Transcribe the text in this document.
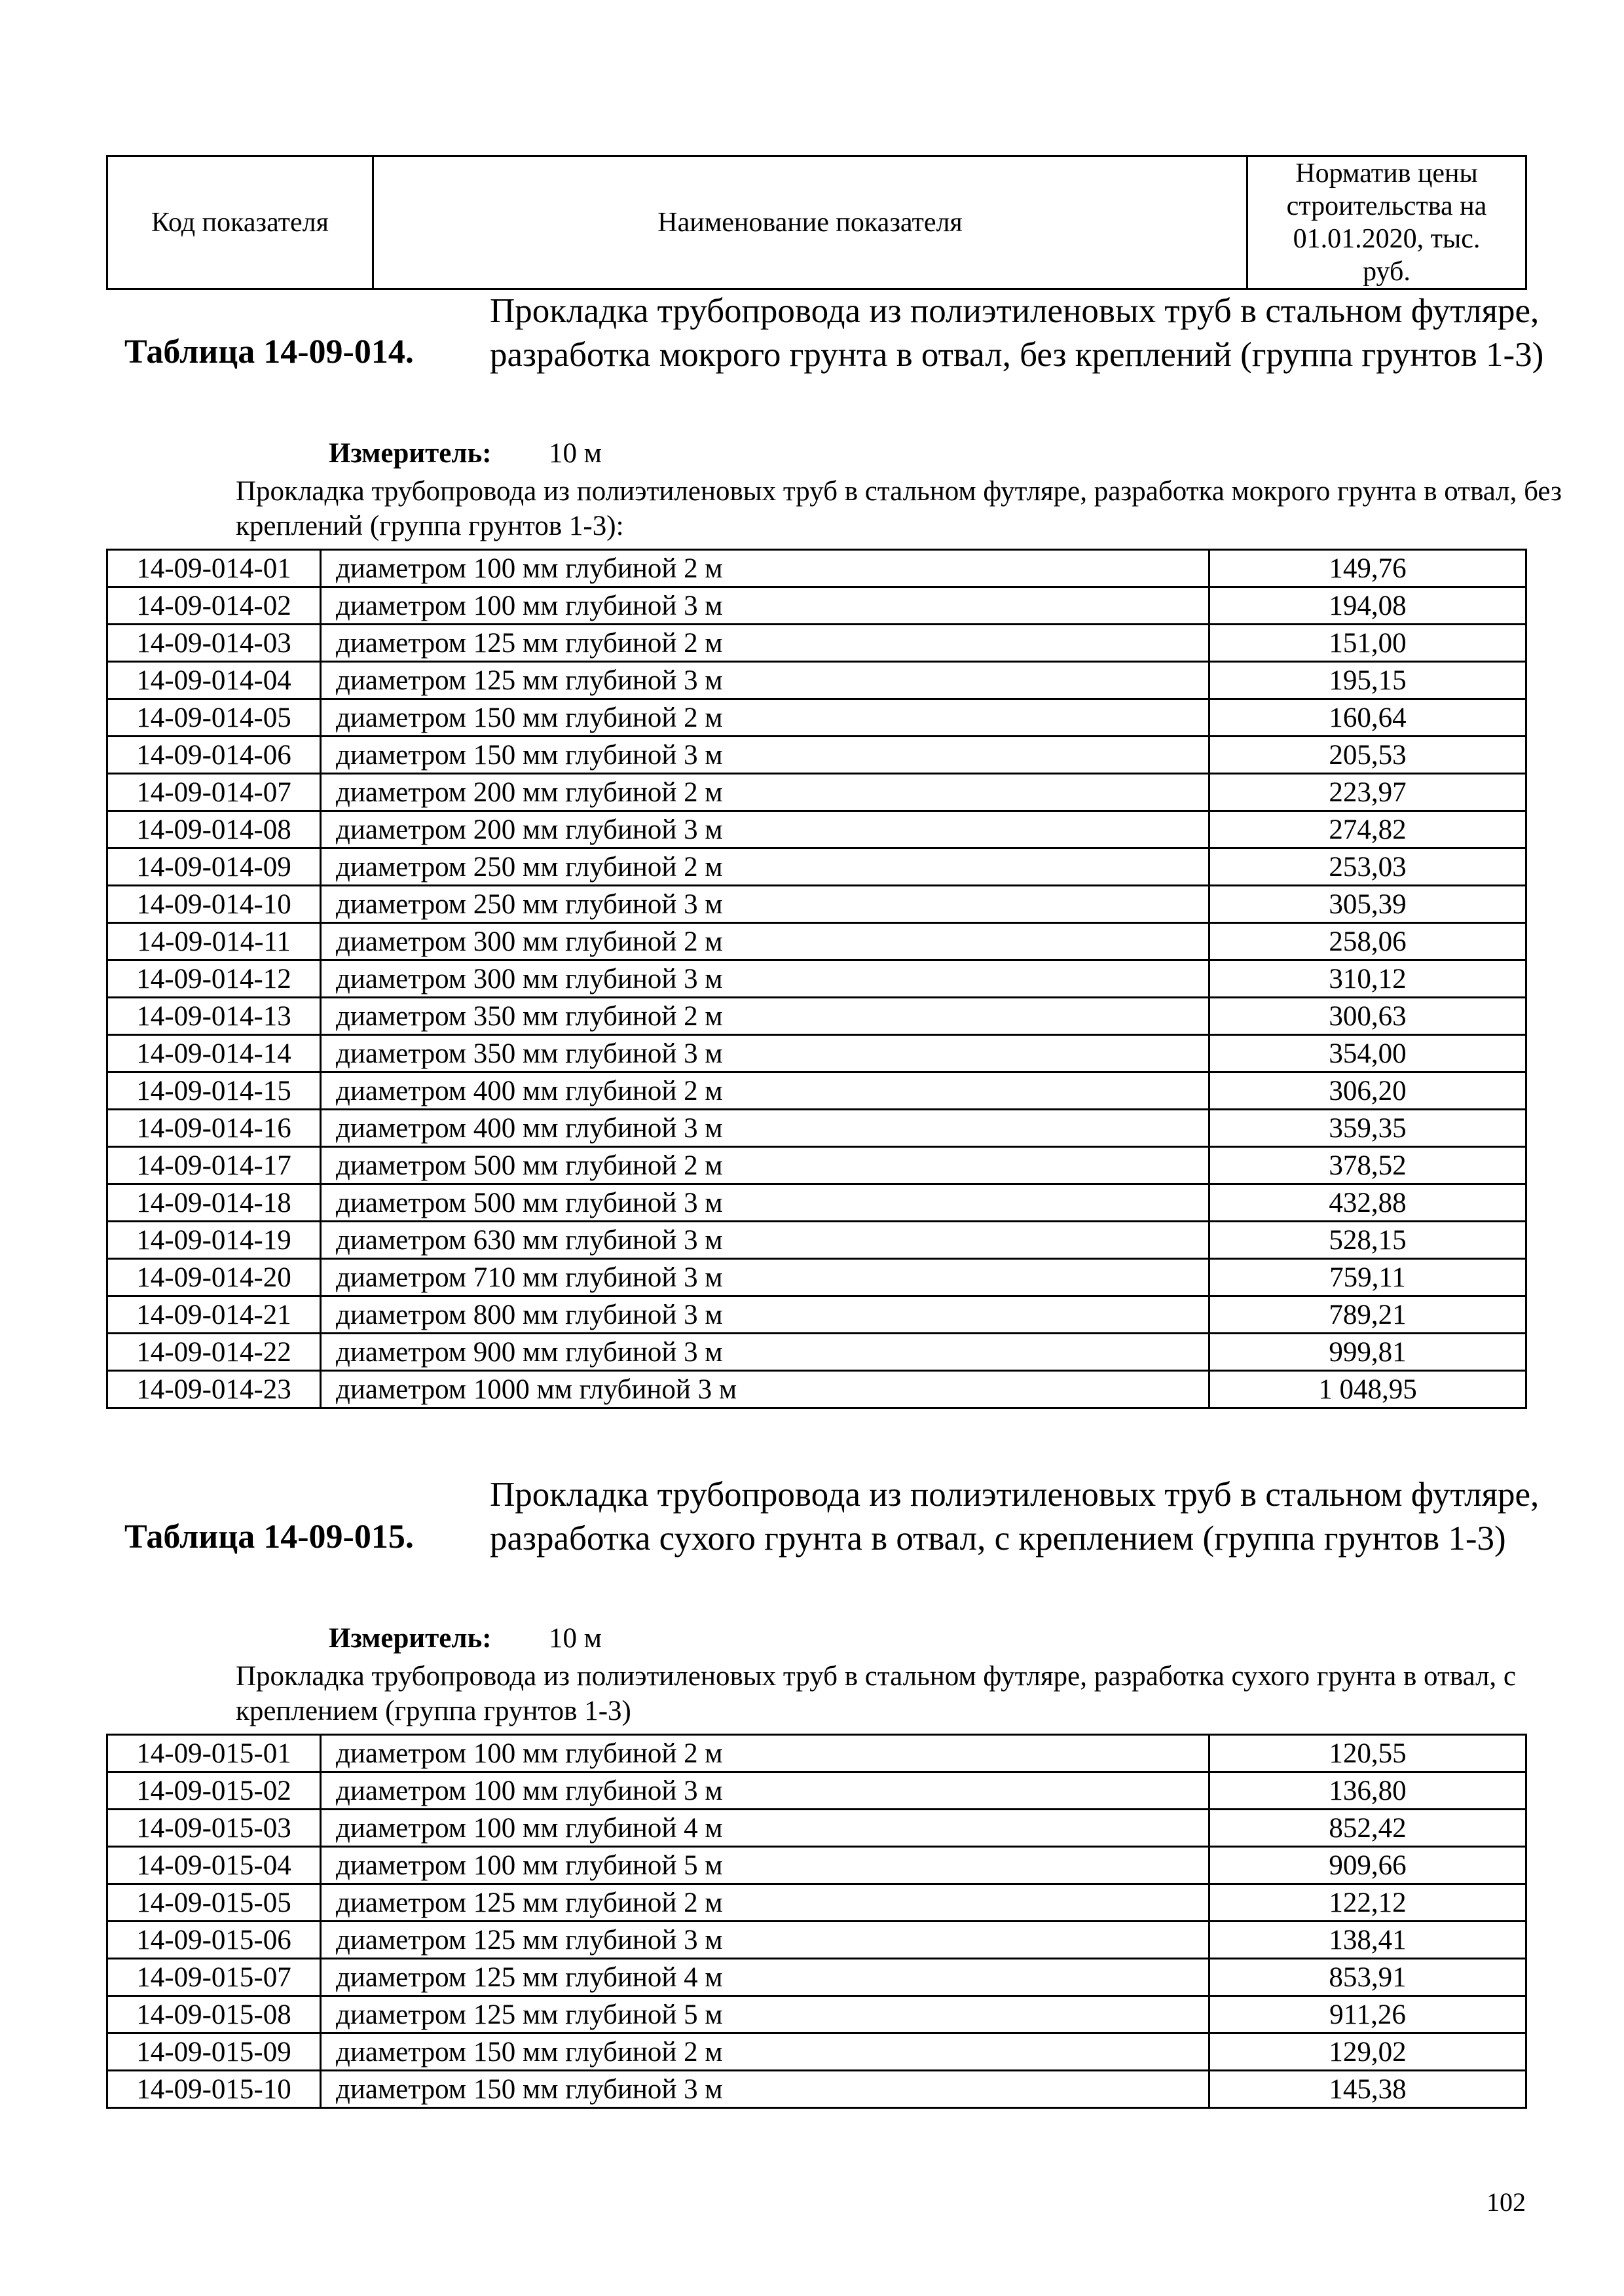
Код показателя	Наименование показателя	Норматив цены строительства на 01.01.2020, тыс. руб.
Таблица 14-09-014.
Прокладка трубопровода из полиэтиленовых труб в стальном футляре, разработка мокрого грунта в отвал, без креплений (группа грунтов 1-3)
Измеритель: 10 м
Прокладка трубопровода из полиэтиленовых труб в стальном футляре, разработка мокрого грунта в отвал, без креплений (группа грунтов 1-3):
14-09-014-01	диаметром 100 мм глубиной 2 м	149,76
14-09-014-02	диаметром 100 мм глубиной 3 м	194,08
14-09-014-03	диаметром 125 мм глубиной 2 м	151,00
14-09-014-04	диаметром 125 мм глубиной 3 м	195,15
14-09-014-05	диаметром 150 мм глубиной 2 м	160,64
14-09-014-06	диаметром 150 мм глубиной 3 м	205,53
14-09-014-07	диаметром 200 мм глубиной 2 м	223,97
14-09-014-08	диаметром 200 мм глубиной 3 м	274,82
14-09-014-09	диаметром 250 мм глубиной 2 м	253,03
14-09-014-10	диаметром 250 мм глубиной 3 м	305,39
14-09-014-11	диаметром 300 мм глубиной 2 м	258,06
14-09-014-12	диаметром 300 мм глубиной 3 м	310,12
14-09-014-13	диаметром 350 мм глубиной 2 м	300,63
14-09-014-14	диаметром 350 мм глубиной 3 м	354,00
14-09-014-15	диаметром 400 мм глубиной 2 м	306,20
14-09-014-16	диаметром 400 мм глубиной 3 м	359,35
14-09-014-17	диаметром 500 мм глубиной 2 м	378,52
14-09-014-18	диаметром 500 мм глубиной 3 м	432,88
14-09-014-19	диаметром 630 мм глубиной 3 м	528,15
14-09-014-20	диаметром 710 мм глубиной 3 м	759,11
14-09-014-21	диаметром 800 мм глубиной 3 м	789,21
14-09-014-22	диаметром 900 мм глубиной 3 м	999,81
14-09-014-23	диаметром 1000 мм глубиной 3 м	1 048,95
Таблица 14-09-015.
Прокладка трубопровода из полиэтиленовых труб в стальном футляре, разработка сухого грунта в отвал, с креплением (группа грунтов 1-3)
Измеритель: 10 м
Прокладка трубопровода из полиэтиленовых труб в стальном футляре, разработка сухого грунта в отвал, с креплением (группа грунтов 1-3)
14-09-015-01	диаметром 100 мм глубиной 2 м	120,55
14-09-015-02	диаметром 100 мм глубиной 3 м	136,80
14-09-015-03	диаметром 100 мм глубиной 4 м	852,42
14-09-015-04	диаметром 100 мм глубиной 5 м	909,66
14-09-015-05	диаметром 125 мм глубиной 2 м	122,12
14-09-015-06	диаметром 125 мм глубиной 3 м	138,41
14-09-015-07	диаметром 125 мм глубиной 4 м	853,91
14-09-015-08	диаметром 125 мм глубиной 5 м	911,26
14-09-015-09	диаметром 150 мм глубиной 2 м	129,02
14-09-015-10	диаметром 150 мм глубиной 3 м	145,38
102
